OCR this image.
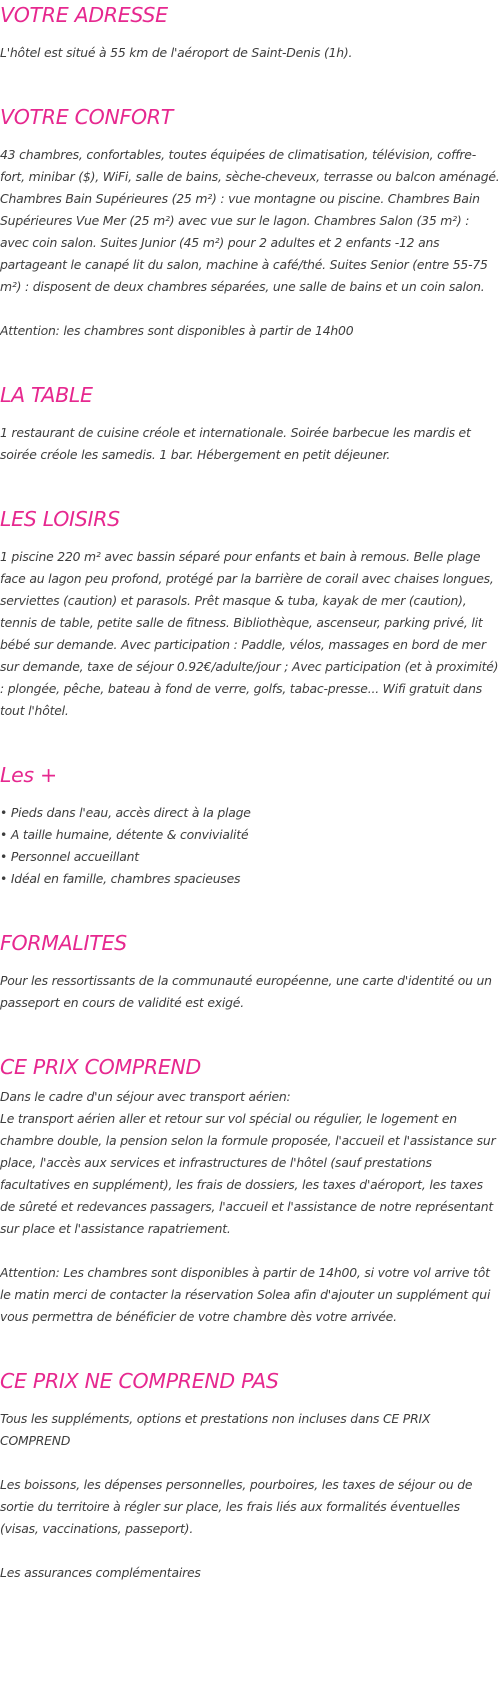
VOTRE ADRESSE

L'hôtel est situé à 55 km de l'aéroport de Saint-Denis (1h).

VOTRE CONFORT

43 chambres, confortables, toutes équipées de climatisation, télévision, coffre-fort, minibar ($), WiFi, salle de bains, sèche-cheveux, terrasse ou balcon aménagé. Chambres Bain Supérieures (25 m²) : vue montagne ou piscine. Chambres Bain Supérieures Vue Mer (25 m²) avec vue sur le lagon. Chambres Salon (35 m²) : avec coin salon. Suites Junior (45 m²) pour 2 adultes et 2 enfants -12 ans partageant le canapé lit du salon, machine à café/thé. Suites Senior (entre 55-75 m²) : disposent de deux chambres séparées, une salle de bains et un coin salon.

Attention: les chambres sont disponibles à partir de 14h00

LA TABLE

1 restaurant de cuisine créole et internationale. Soirée barbecue les mardis et soirée créole les samedis. 1 bar. Hébergement en petit déjeuner.

LES LOISIRS

1 piscine 220 m² avec bassin séparé pour enfants et bain à remous. Belle plage face au lagon peu profond, protégé par la barrière de corail avec chaises longues, serviettes (caution) et parasols. Prêt masque & tuba, kayak de mer (caution), tennis de table, petite salle de fitness. Bibliothèque, ascenseur, parking privé, lit bébé sur demande. Avec participation : Paddle, vélos, massages en bord de mer sur demande, taxe de séjour 0.92€/adulte/jour ; Avec participation (et à proximité) : plongée, pêche, bateau à fond de verre, golfs, tabac-presse... Wifi gratuit dans tout l'hôtel.

Les +
• Pieds dans l'eau, accès direct à la plage
• A taille humaine, détente & convivialité
• Personnel accueillant
• Idéal en famille, chambres spacieuses
FORMALITES

Pour les ressortissants de la communauté européenne, une carte d'identité ou un passeport en cours de validité est exigé.

CE PRIX COMPREND

Dans le cadre d'un séjour avec transport aérien:

Le transport aérien aller et retour sur vol spécial ou régulier, le logement en chambre double, la pension selon la formule proposée, l'accueil et l'assistance sur place, l'accès aux services et infrastructures de l'hôtel (sauf prestations facultatives en supplément), les frais de dossiers, les taxes d'aéroport, les taxes de sûreté et redevances passagers, l'accueil et l'assistance de notre représentant sur place et l'assistance rapatriement.

Attention: Les chambres sont disponibles à partir de 14h00, si votre vol arrive tôt le matin merci de contacter la réservation Solea afin d'ajouter un supplément qui vous permettra de bénéficier de votre chambre dès votre arrivée.

CE PRIX NE COMPREND PAS

Tous les suppléments, options et prestations non incluses dans CE PRIX COMPREND

Les boissons, les dépenses personnelles, pourboires, les taxes de séjour ou de sortie du territoire à régler sur place, les frais liés aux formalités éventuelles (visas, vaccinations, passeport).

Les assurances complémentaires
